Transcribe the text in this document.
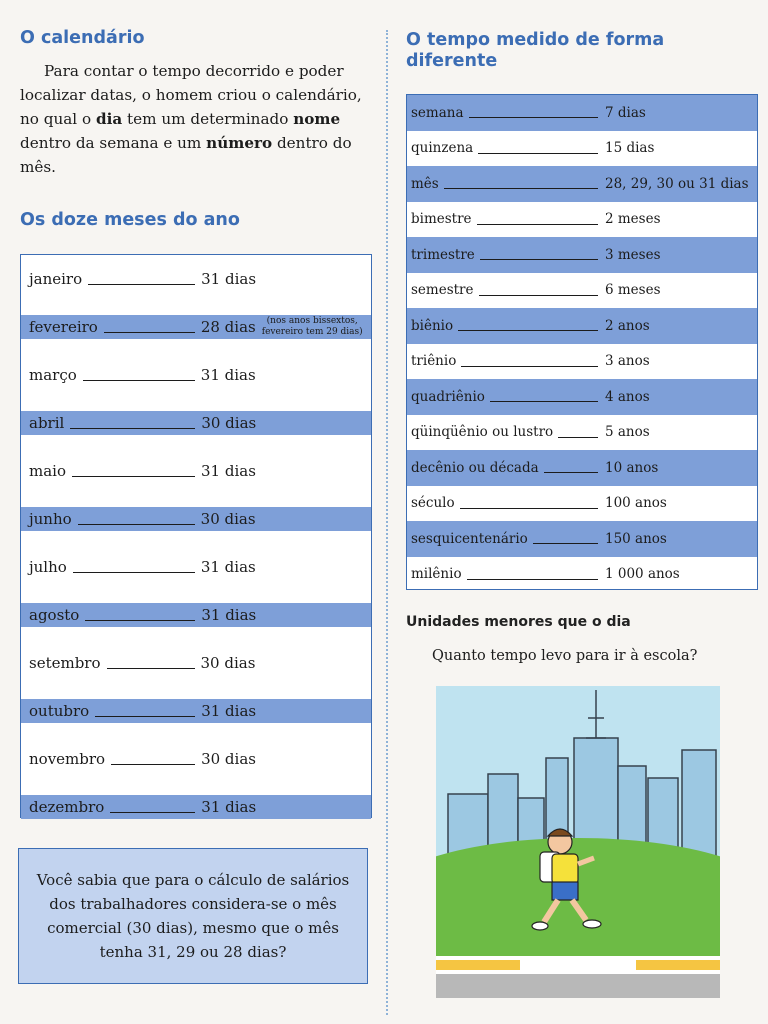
O calendário

Para contar o tempo decorrido e poder localizar datas, o homem criou o calendário, no qual o dia tem um determinado nome dentro da semana e um número dentro do mês.

Os doze meses do ano
janeiro	31 dias
fevereiro	28 dias	(nos anos bissextos,
fevereiro tem 29 dias)
março	31 dias
abril	30 dias
maio	31 dias
junho	30 dias
julho	31 dias
agosto	31 dias
setembro	30 dias
outubro	31 dias
novembro	30 dias
dezembro	31 dias
Você sabia que para o cálculo de salários dos trabalhadores considera-se o mês comercial (30 dias), mesmo que o mês tenha 31, 29 ou 28 dias?
O tempo medido de forma diferente
semana	7 dias
quinzena	15 dias
mês	28, 29, 30 ou 31 dias
bimestre	2 meses
trimestre	3 meses
semestre	6 meses
biênio	2 anos
triênio	3 anos
quadriênio	4 anos
qüinqüênio ou lustro	5 anos
decênio ou década	10 anos
século	100 anos
sesquicentenário	150 anos
milênio	1 000 anos
Unidades menores que o dia
Quanto tempo levo para ir à escola?
